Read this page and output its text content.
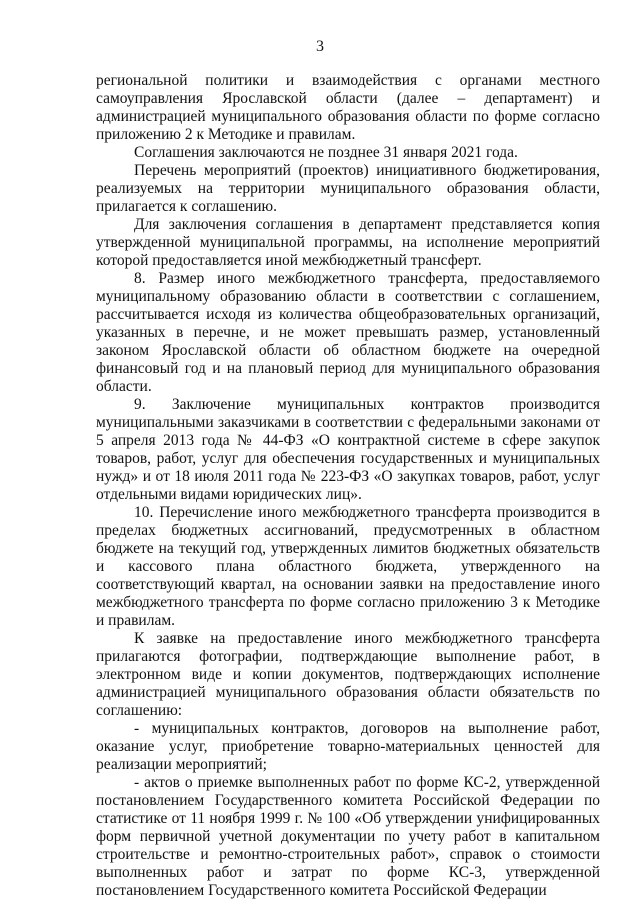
3

региональной политики и взаимодействия с органами местного самоуправления Ярославской области (далее – департамент) и администрацией муниципального образования области по форме согласно приложению 2 к Методике и правилам.

Соглашения заключаются не позднее 31 января 2021 года.

Перечень мероприятий (проектов) инициативного бюджетирования, реализуемых на территории муниципального образования области, прилагается к соглашению.

Для заключения соглашения в департамент представляется копия утвержденной муниципальной программы, на исполнение мероприятий которой предоставляется иной межбюджетный трансферт.

8. Размер иного межбюджетного трансферта, предоставляемого муниципальному образованию области в соответствии с соглашением, рассчитывается исходя из количества общеобразовательных организаций, указанных в перечне, и не может превышать размер, установленный законом Ярославской области об областном бюджете на очередной финансовый год и на плановый период для муниципального образования области.

9. Заключение муниципальных контрактов производится муниципальными заказчиками в соответствии с федеральными законами от 5 апреля 2013 года № 44-ФЗ «О контрактной системе в сфере закупок товаров, работ, услуг для обеспечения государственных и муниципальных нужд» и от 18 июля 2011 года № 223-ФЗ «О закупках товаров, работ, услуг отдельными видами юридических лиц».

10. Перечисление иного межбюджетного трансферта производится в пределах бюджетных ассигнований, предусмотренных в областном бюджете на текущий год, утвержденных лимитов бюджетных обязательств и кассового плана областного бюджета, утвержденного на соответствующий квартал, на основании заявки на предоставление иного межбюджетного трансферта по форме согласно приложению 3 к Методике и правилам.

К заявке на предоставление иного межбюджетного трансферта прилагаются фотографии, подтверждающие выполнение работ, в электронном виде и копии документов, подтверждающих исполнение администрацией муниципального образования области обязательств по соглашению:

- муниципальных контрактов, договоров на выполнение работ, оказание услуг, приобретение товарно-материальных ценностей для реализации мероприятий;

- актов о приемке выполненных работ по форме КС-2, утвержденной постановлением Государственного комитета Российской Федерации по статистике от 11 ноября 1999 г. № 100 «Об утверждении унифицированных форм первичной учетной документации по учету работ в капитальном строительстве и ремонтно-строительных работ», справок о стоимости выполненных работ и затрат по форме КС-3, утвержденной постановлением Государственного комитета Российской Федерации
